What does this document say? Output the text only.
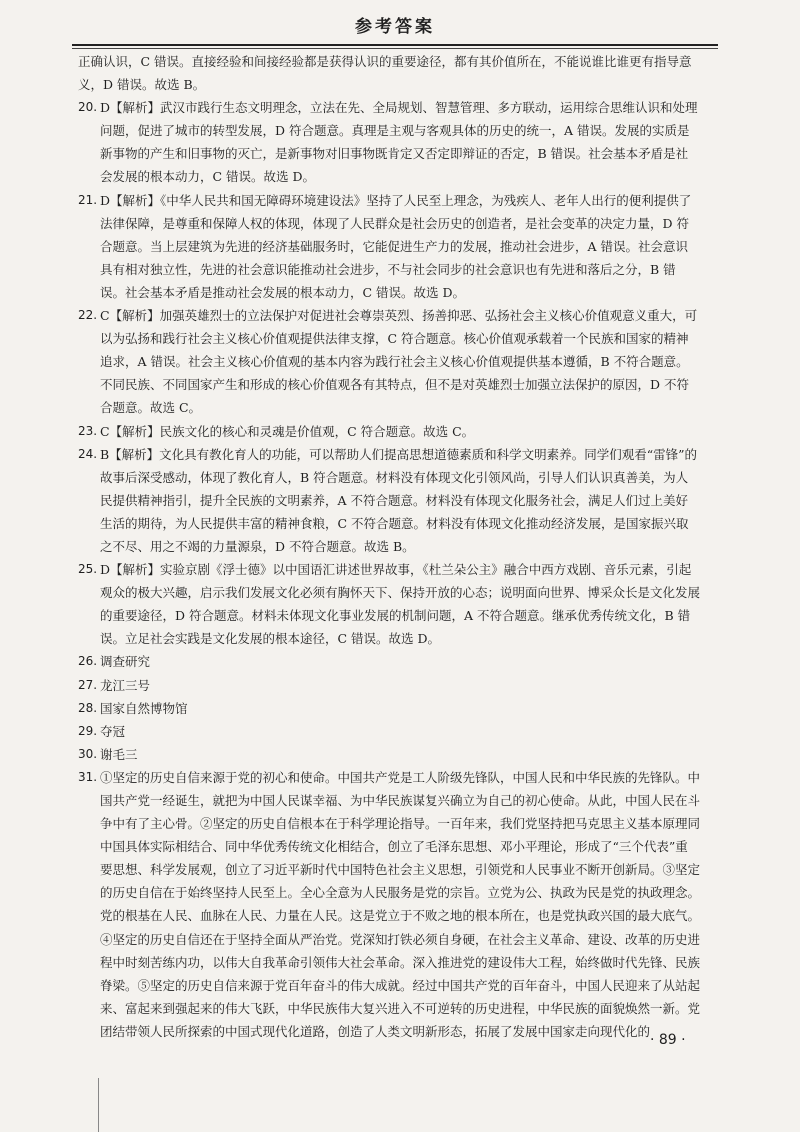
参考答案

正确认识，C 错误。直接经验和间接经验都是获得认识的重要途径，都有其价值所在，不能说谁比谁更有指导意义，D 错误。故选 B。

20. D【解析】武汉市践行生态文明理念，立法在先、全局规划、智慧管理、多方联动，运用综合思维认识和处理问题，促进了城市的转型发展，D 符合题意。真理是主观与客观具体的历史的统一，A 错误。发展的实质是新事物的产生和旧事物的灭亡，是新事物对旧事物既肯定又否定即辩证的否定，B 错误。社会基本矛盾是社会发展的根本动力，C 错误。故选 D。
21. D【解析】《中华人民共和国无障碍环境建设法》坚持了人民至上理念，为残疾人、老年人出行的便利提供了法律保障，是尊重和保障人权的体现，体现了人民群众是社会历史的创造者，是社会变革的决定力量，D 符合题意。当上层建筑为先进的经济基础服务时，它能促进生产力的发展，推动社会进步，A 错误。社会意识具有相对独立性，先进的社会意识能推动社会进步，不与社会同步的社会意识也有先进和落后之分，B 错误。社会基本矛盾是推动社会发展的根本动力，C 错误。故选 D。
22. C【解析】加强英雄烈士的立法保护对促进社会尊崇英烈、扬善抑恶、弘扬社会主义核心价值观意义重大，可以为弘扬和践行社会主义核心价值观提供法律支撑，C 符合题意。核心价值观承载着一个民族和国家的精神追求，A 错误。社会主义核心价值观的基本内容为践行社会主义核心价值观提供基本遵循，B 不符合题意。不同民族、不同国家产生和形成的核心价值观各有其特点，但不是对英雄烈士加强立法保护的原因，D 不符合题意。故选 C。
23. C【解析】民族文化的核心和灵魂是价值观，C 符合题意。故选 C。
24. B【解析】文化具有教化育人的功能，可以帮助人们提高思想道德素质和科学文明素养。同学们观看“雷锋”的故事后深受感动，体现了教化育人，B 符合题意。材料没有体现文化引领风尚，引导人们认识真善美，为人民提供精神指引，提升全民族的文明素养，A 不符合题意。材料没有体现文化服务社会，满足人们过上美好生活的期待，为人民提供丰富的精神食粮，C 不符合题意。材料没有体现文化推动经济发展，是国家振兴取之不尽、用之不竭的力量源泉，D 不符合题意。故选 B。
25. D【解析】实验京剧《浮士德》以中国语汇讲述世界故事，《杜兰朵公主》融合中西方戏剧、音乐元素，引起观众的极大兴趣，启示我们发展文化必须有胸怀天下、保持开放的心态；说明面向世界、博采众长是文化发展的重要途径，D 符合题意。材料未体现文化事业发展的机制问题，A 不符合题意。继承优秀传统文化，B 错误。立足社会实践是文化发展的根本途径，C 错误。故选 D。
26. 调查研究
27. 龙江三号
28. 国家自然博物馆
29. 夺冠
30. 谢毛三
31. ①坚定的历史自信来源于党的初心和使命。中国共产党是工人阶级先锋队，中国人民和中华民族的先锋队。中国共产党一经诞生，就把为中国人民谋幸福、为中华民族谋复兴确立为自己的初心使命。从此，中国人民在斗争中有了主心骨。②坚定的历史自信根本在于科学理论指导。一百年来，我们党坚持把马克思主义基本原理同中国具体实际相结合、同中华优秀传统文化相结合，创立了毛泽东思想、邓小平理论，形成了“三个代表”重要思想、科学发展观，创立了习近平新时代中国特色社会主义思想，引领党和人民事业不断开创新局。③坚定的历史自信在于始终坚持人民至上。全心全意为人民服务是党的宗旨。立党为公、执政为民是党的执政理念。党的根基在人民、血脉在人民、力量在人民。这是党立于不败之地的根本所在，也是党执政兴国的最大底气。④坚定的历史自信还在于坚持全面从严治党。党深知打铁必须自身硬，在社会主义革命、建设、改革的历史进程中时刻苦练内功，以伟大自我革命引领伟大社会革命。深入推进党的建设伟大工程，始终做时代先锋、民族脊梁。⑤坚定的历史自信来源于党百年奋斗的伟大成就。经过中国共产党的百年奋斗，中国人民迎来了从站起来、富起来到强起来的伟大飞跃，中华民族伟大复兴进入不可逆转的历史进程，中华民族的面貌焕然一新。党团结带领人民所探索的中国式现代化道路，创造了人类文明新形态，拓展了发展中国家走向现代化的
· 89 ·
